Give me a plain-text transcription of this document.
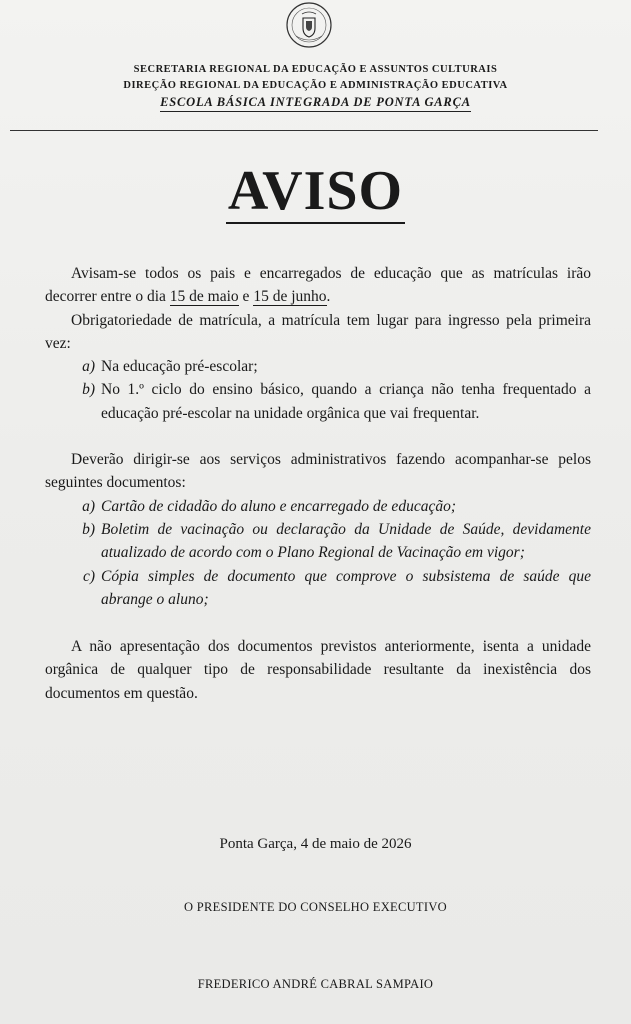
SECRETARIA REGIONAL DA EDUCAÇÃO E ASSUNTOS CULTURAIS
DIREÇÃO REGIONAL DA EDUCAÇÃO E ADMINISTRAÇÃO EDUCATIVA
ESCOLA BÁSICA INTEGRADA DE PONTA GARÇA
AVISO

Avisam-se todos os pais e encarregados de educação que as matrículas irão decorrer entre o dia 15 de maio e 15 de junho.

Obrigatoriedade de matrícula, a matrícula tem lugar para ingresso pela primeira vez:

a) Na educação pré-escolar;
b) No 1.º ciclo do ensino básico, quando a criança não tenha frequentado a educação pré-escolar na unidade orgânica que vai frequentar.

Deverão dirigir-se aos serviços administrativos fazendo acompanhar-se pelos seguintes documentos:

a) Cartão de cidadão do aluno e encarregado de educação;
b) Boletim de vacinação ou declaração da Unidade de Saúde, devidamente atualizado de acordo com o Plano Regional de Vacinação em vigor;
c) Cópia simples de documento que comprove o subsistema de saúde que abrange o aluno;

A não apresentação dos documentos previstos anteriormente, isenta a unidade orgânica de qualquer tipo de responsabilidade resultante da inexistência dos documentos em questão.

Ponta Garça, 4 de maio de 2026
O PRESIDENTE DO CONSELHO EXECUTIVO
FREDERICO ANDRÉ CABRAL SAMPAIO
